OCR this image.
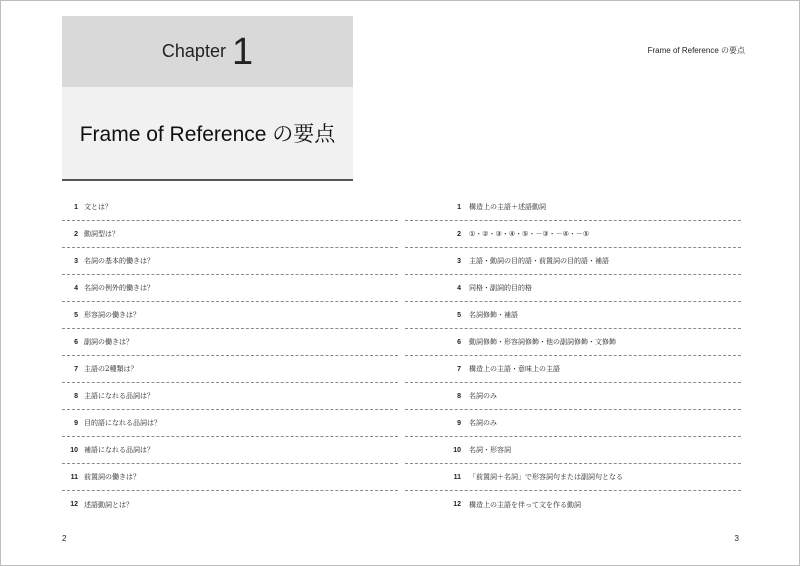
Chapter 1
Frame of Reference の要点
Frame of Reference の要点
1 文とは？
2 動詞型は？
3 名詞の基本的働きは？
4 名詞の例外的働きは？
5 形容詞の働きは？
6 副詞の働きは？
7 主語の2種類は？
8 主語になれる品詞は？
9 目的語になれる品詞は？
10 補語になれる品詞は？
11 前置詞の働きは？
12 述語動詞とは？
1 構造上の主語＋述語動詞
2 ①・②・③・④・⑤・－③・－④・－⑤
3 主語・動詞の目的語・前置詞の目的語・補語
4 同格・副詞的目的格
5 名詞修飾・補語
6 動詞修飾・形容詞修飾・他の副詞修飾・文修飾
7 構造上の主語・意味上の主語
8 名詞のみ
9 名詞のみ
10 名詞・形容詞
11 「前置詞＋名詞」で形容詞句または副詞句となる
12 構造上の主語を伴って文を作る動詞
2	3
